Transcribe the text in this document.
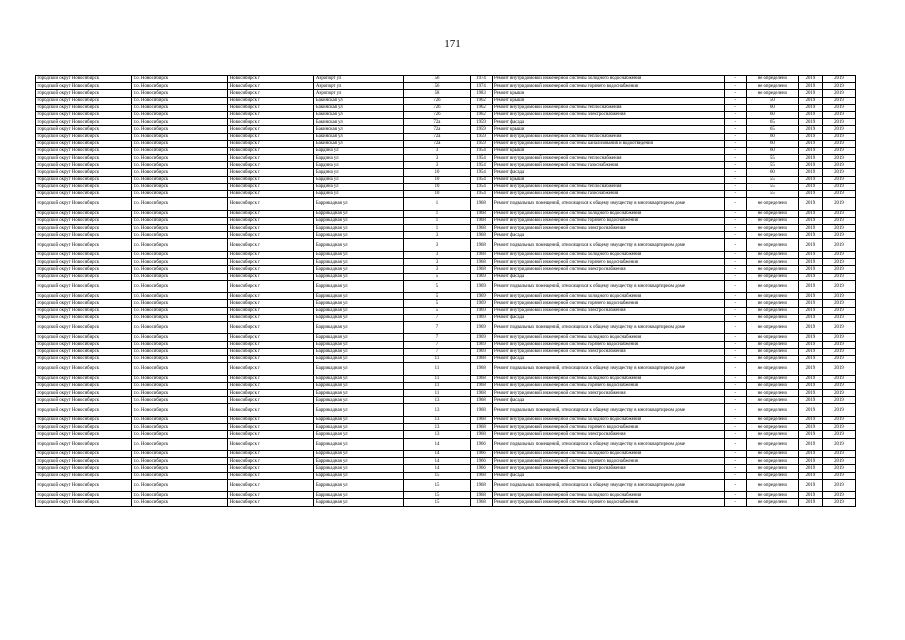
171
городской округ Новосибирск	г.о. Новосибирск	Новосибирск г	Аэропорт ул	56	1974	Ремонт внутридомовой инженерной системы холодного водоснабжения	-	не определено	2019	2019
городской округ Новосибирск	г.о. Новосибирск	Новосибирск г	Аэропорт ул	56	1974	Ремонт внутридомовой инженерной системы горячего водоснабжения	-	не определено	2019	2019
городской округ Новосибирск	г.о. Новосибирск	Новосибирск г	Аэропорт ул	58	1983	Ремонт крыши	-	не определено	2019	2019
городской округ Новосибирск	г.о. Новосибирск	Новосибирск г	Бакинская ул	72б	1962	Ремонт крыши	-	50	2019	2019
городской округ Новосибирск	г.о. Новосибирск	Новосибирск г	Бакинская ул	72б	1962	Ремонт внутридомовой инженерной системы теплоснабжения	-	60	2019	2019
городской округ Новосибирск	г.о. Новосибирск	Новосибирск г	Бакинская ул	72б	1962	Ремонт внутридомовой инженерной системы электроснабжения	-	60	2019	2019
городской округ Новосибирск	г.о. Новосибирск	Новосибирск г	Бакинская ул	72а	1959	Ремонт фасада	-	65	2019	2019
городской округ Новосибирск	г.о. Новосибирск	Новосибирск г	Бакинская ул	72а	1959	Ремонт крыши	-	65	2019	2019
городской округ Новосибирск	г.о. Новосибирск	Новосибирск г	Бакинская ул	72а	1959	Ремонт внутридомовой инженерной системы теплоснабжения	-	60	2019	2019
городской округ Новосибирск	г.о. Новосибирск	Новосибирск г	Бакинская ул	72а	1959	Ремонт внутридомовой инженерной системы канализования и водоотведения	-	60	2019	2019
городской округ Новосибирск	г.о. Новосибирск	Новосибирск г	Бардина ул	3	1954	Ремонт крыши	-	60	2019	2019
городской округ Новосибирск	г.о. Новосибирск	Новосибирск г	Бардина ул	3	1954	Ремонт внутридомовой инженерной системы теплоснабжения	-	55	2019	2019
городской округ Новосибирск	г.о. Новосибирск	Новосибирск г	Бардина ул	3	1954	Ремонт внутридомовой инженерной системы газоснабжения	-	55	2019	2019
городской округ Новосибирск	г.о. Новосибирск	Новосибирск г	Бардина ул	10	1954	Ремонт фасада	-	60	2019	2019
городской округ Новосибирск	г.о. Новосибирск	Новосибирск г	Бардина ул	10	1954	Ремонт крыши	-	55	2019	2019
городской округ Новосибирск	г.о. Новосибирск	Новосибирск г	Бардина ул	10	1954	Ремонт внутридомовой инженерной системы теплоснабжения	-	55	2019	2019
городской округ Новосибирск	г.о. Новосибирск	Новосибирск г	Бардина ул	10	1954	Ремонт внутридомовой инженерной системы газоснабжения	-	55	2019	2019
городской округ Новосибирск	г.о. Новосибирск	Новосибирск г	Баррикадная ул	1	1968	Ремонт подвальных помещений, относящихся к общему имуществу в многоквартирном доме	-	не определено	2019	2019
городской округ Новосибирск	г.о. Новосибирск	Новосибирск г	Баррикадная ул	1	1968	Ремонт внутридомовой инженерной системы холодного водоснабжения	-	не определено	2019	2019
городской округ Новосибирск	г.о. Новосибирск	Новосибирск г	Баррикадная ул	1	1968	Ремонт внутридомовой инженерной системы горячего водоснабжения	-	не определено	2019	2019
городской округ Новосибирск	г.о. Новосибирск	Новосибирск г	Баррикадная ул	1	1968	Ремонт внутридомовой инженерной системы электроснабжения	-	не определено	2019	2019
городской округ Новосибирск	г.о. Новосибирск	Новосибирск г	Баррикадная ул	3	1968	Ремонт фасада	-	не определено	2019	2019
городской округ Новосибирск	г.о. Новосибирск	Новосибирск г	Баррикадная ул	3	1968	Ремонт подвальных помещений, относящихся к общему имуществу в многоквартирном доме	-	не определено	2019	2019
городской округ Новосибирск	г.о. Новосибирск	Новосибирск г	Баррикадная ул	3	1968	Ремонт внутридомовой инженерной системы холодного водоснабжения	-	не определено	2019	2019
городской округ Новосибирск	г.о. Новосибирск	Новосибирск г	Баррикадная ул	3	1968	Ремонт внутридомовой инженерной системы горячего водоснабжения	-	не определено	2019	2019
городской округ Новосибирск	г.о. Новосибирск	Новосибирск г	Баррикадная ул	3	1968	Ремонт внутридомовой инженерной системы электроснабжения	-	не определено	2019	2019
городской округ Новосибирск	г.о. Новосибирск	Новосибирск г	Баррикадная ул	5	1969	Ремонт фасада	-	не определено	2019	2019
городской округ Новосибирск	г.о. Новосибирск	Новосибирск г	Баррикадная ул	5	1969	Ремонт подвальных помещений, относящихся к общему имуществу в многоквартирном доме	-	не определено	2019	2019
городской округ Новосибирск	г.о. Новосибирск	Новосибирск г	Баррикадная ул	5	1969	Ремонт внутридомовой инженерной системы холодного водоснабжения	-	не определено	2019	2019
городской округ Новосибирск	г.о. Новосибирск	Новосибирск г	Баррикадная ул	5	1969	Ремонт внутридомовой инженерной системы горячего водоснабжения	-	не определено	2019	2019
городской округ Новосибирск	г.о. Новосибирск	Новосибирск г	Баррикадная ул	5	1969	Ремонт внутридомовой инженерной системы электроснабжения	-	не определено	2019	2019
городской округ Новосибирск	г.о. Новосибирск	Новосибирск г	Баррикадная ул	7	1969	Ремонт фасада	-	не определено	2019	2019
городской округ Новосибирск	г.о. Новосибирск	Новосибирск г	Баррикадная ул	7	1969	Ремонт подвальных помещений, относящихся к общему имуществу в многоквартирном доме	-	не определено	2019	2019
городской округ Новосибирск	г.о. Новосибирск	Новосибирск г	Баррикадная ул	7	1969	Ремонт внутридомовой инженерной системы холодного водоснабжения	-	не определено	2019	2019
городской округ Новосибирск	г.о. Новосибирск	Новосибирск г	Баррикадная ул	7	1969	Ремонт внутридомовой инженерной системы горячего водоснабжения	-	не определено	2019	2019
городской округ Новосибирск	г.о. Новосибирск	Новосибирск г	Баррикадная ул	7	1969	Ремонт внутридомовой инженерной системы электроснабжения	-	не определено	2019	2019
городской округ Новосибирск	г.о. Новосибирск	Новосибирск г	Баррикадная ул	11	1968	Ремонт фасада	-	не определено	2019	2019
городской округ Новосибирск	г.о. Новосибирск	Новосибирск г	Баррикадная ул	11	1968	Ремонт подвальных помещений, относящихся к общему имуществу в многоквартирном доме	-	не определено	2019	2019
городской округ Новосибирск	г.о. Новосибирск	Новосибирск г	Баррикадная ул	11	1968	Ремонт внутридомовой инженерной системы холодного водоснабжения	-	не определено	2019	2019
городской округ Новосибирск	г.о. Новосибирск	Новосибирск г	Баррикадная ул	11	1968	Ремонт внутридомовой инженерной системы горячего водоснабжения	-	не определено	2019	2019
городской округ Новосибирск	г.о. Новосибирск	Новосибирск г	Баррикадная ул	11	1968	Ремонт внутридомовой инженерной системы электроснабжения	-	не определено	2019	2019
городской округ Новосибирск	г.о. Новосибирск	Новосибирск г	Баррикадная ул	13	1968	Ремонт фасада	-	не определено	2019	2019
городской округ Новосибирск	г.о. Новосибирск	Новосибирск г	Баррикадная ул	13	1968	Ремонт подвальных помещений, относящихся к общему имуществу в многоквартирном доме	-	не определено	2019	2019
городской округ Новосибирск	г.о. Новосибирск	Новосибирск г	Баррикадная ул	13	1968	Ремонт внутридомовой инженерной системы холодного водоснабжения	-	не определено	2019	2019
городской округ Новосибирск	г.о. Новосибирск	Новосибирск г	Баррикадная ул	13	1968	Ремонт внутридомовой инженерной системы горячего водоснабжения	-	не определено	2019	2019
городской округ Новосибирск	г.о. Новосибирск	Новосибирск г	Баррикадная ул	13	1968	Ремонт внутридомовой инженерной системы электроснабжения	-	не определено	2019	2019
городской округ Новосибирск	г.о. Новосибирск	Новосибирск г	Баррикадная ул	14	1966	Ремонт подвальных помещений, относящихся к общему имуществу в многоквартирном доме	-	не определено	2019	2019
городской округ Новосибирск	г.о. Новосибирск	Новосибирск г	Баррикадная ул	14	1966	Ремонт внутридомовой инженерной системы холодного водоснабжения	-	не определено	2019	2019
городской округ Новосибирск	г.о. Новосибирск	Новосибирск г	Баррикадная ул	14	1966	Ремонт внутридомовой инженерной системы горячего водоснабжения	-	не определено	2019	2019
городской округ Новосибирск	г.о. Новосибирск	Новосибирск г	Баррикадная ул	14	1966	Ремонт внутридомовой инженерной системы электроснабжения	-	не определено	2019	2019
городской округ Новосибирск	г.о. Новосибирск	Новосибирск г	Баррикадная ул	15	1968	Ремонт фасада	-	не определено	2019	2019
городской округ Новосибирск	г.о. Новосибирск	Новосибирск г	Баррикадная ул	15	1968	Ремонт подвальных помещений, относящихся к общему имуществу в многоквартирном доме	-	не определено	2019	2019
городской округ Новосибирск	г.о. Новосибирск	Новосибирск г	Баррикадная ул	15	1968	Ремонт внутридомовой инженерной системы холодного водоснабжения	-	не определено	2019	2019
городской округ Новосибирск	г.о. Новосибирск	Новосибирск г	Баррикадная ул	15	1968	Ремонт внутридомовой инженерной системы горячего водоснабжения	-	не определено	2019	2019
